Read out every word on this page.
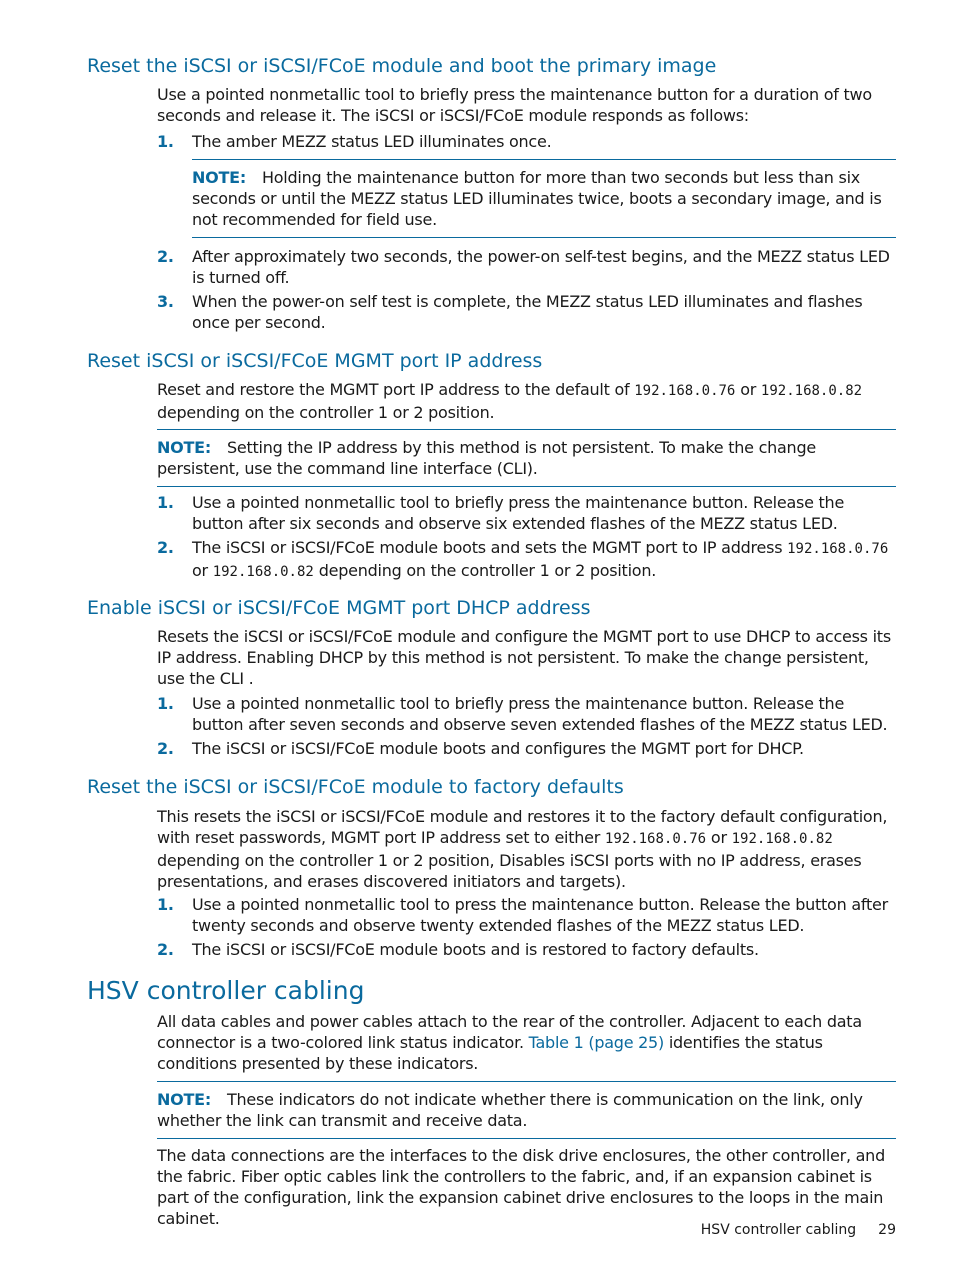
Reset the iSCSI or iSCSI/FCoE module and boot the primary image

Use a pointed nonmetallic tool to briefly press the maintenance button for a duration of two seconds and release it. The iSCSI or iSCSI/FCoE module responds as follows:

1.	The amber MEZZ status LED illuminates once.
NOTE: Holding the maintenance button for more than two seconds but less than six seconds or until the MEZZ status LED illuminates twice, boots a secondary image, and is not recommended for field use.
2.	After approximately two seconds, the power-on self-test begins, and the MEZZ status LED is turned off.
3.	When the power-on self test is complete, the MEZZ status LED illuminates and flashes once per second.
Reset iSCSI or iSCSI/FCoE MGMT port IP address

Reset and restore the MGMT port IP address to the default of 192.168.0.76 or 192.168.0.82 depending on the controller 1 or 2 position.

NOTE: Setting the IP address by this method is not persistent. To make the change persistent, use the command line interface (CLI).
1.	Use a pointed nonmetallic tool to briefly press the maintenance button. Release the button after six seconds and observe six extended flashes of the MEZZ status LED.
2.	The iSCSI or iSCSI/FCoE module boots and sets the MGMT port to IP address 192.168.0.76
or 192.168.0.82 depending on the controller 1 or 2 position.
Enable iSCSI or iSCSI/FCoE MGMT port DHCP address

Resets the iSCSI or iSCSI/FCoE module and configure the MGMT port to use DHCP to access its IP address. Enabling DHCP by this method is not persistent. To make the change persistent, use the CLI .

1.	Use a pointed nonmetallic tool to briefly press the maintenance button. Release the button after seven seconds and observe seven extended flashes of the MEZZ status LED.
2.	The iSCSI or iSCSI/FCoE module boots and configures the MGMT port for DHCP.
Reset the iSCSI or iSCSI/FCoE module to factory defaults

This resets the iSCSI or iSCSI/FCoE module and restores it to the factory default configuration, with reset passwords, MGMT port IP address set to either 192.168.0.76 or 192.168.0.82 depending on the controller 1 or 2 position, Disables iSCSI ports with no IP address, erases presentations, and erases discovered initiators and targets).

1.	Use a pointed nonmetallic tool to press the maintenance button. Release the button after twenty seconds and observe twenty extended flashes of the MEZZ status LED.
2.	The iSCSI or iSCSI/FCoE module boots and is restored to factory defaults.
HSV controller cabling

All data cables and power cables attach to the rear of the controller. Adjacent to each data connector is a two-colored link status indicator. Table 1 (page 25) identifies the status conditions presented by these indicators.

NOTE: These indicators do not indicate whether there is communication on the link, only whether the link can transmit and receive data.

The data connections are the interfaces to the disk drive enclosures, the other controller, and the fabric. Fiber optic cables link the controllers to the fabric, and, if an expansion cabinet is part of the configuration, link the expansion cabinet drive enclosures to the loops in the main cabinet.

HSV controller cabling 29
